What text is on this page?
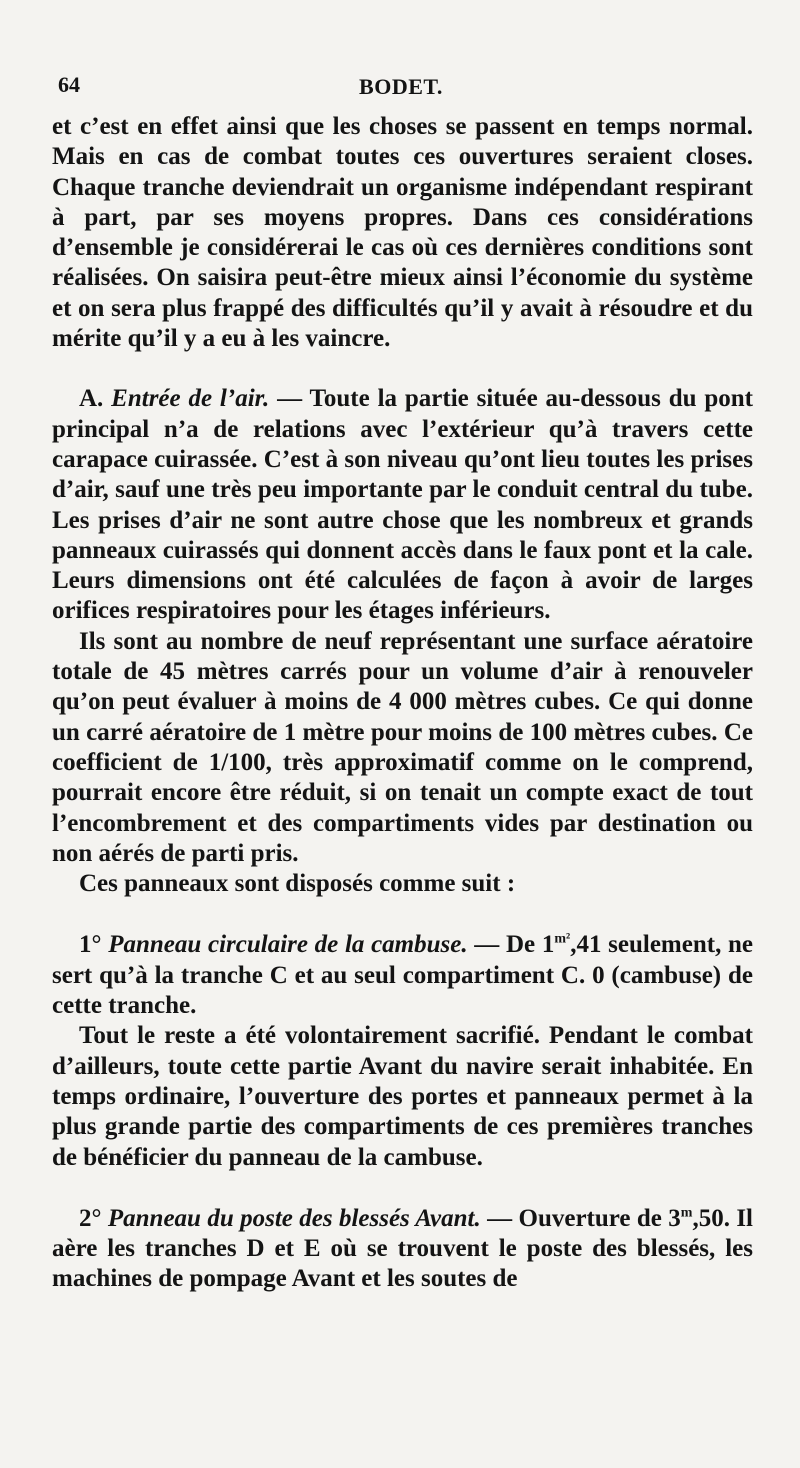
64	BODET.

et c’est en effet ainsi que les choses se passent en temps normal. Mais en cas de combat toutes ces ouvertures seraient closes. Chaque tranche deviendrait un organisme indépendant respirant à part, par ses moyens propres. Dans ces considérations d’ensemble je considérerai le cas où ces dernières conditions sont réalisées. On saisira peut-être mieux ainsi l’économie du système et on sera plus frappé des difficultés qu’il y avait à résoudre et du mérite qu’il y a eu à les vaincre.

A. Entrée de l’air. — Toute la partie située au-dessous du pont principal n’a de relations avec l’extérieur qu’à travers cette carapace cuirassée. C’est à son niveau qu’ont lieu toutes les prises d’air, sauf une très peu importante par le conduit central du tube. Les prises d’air ne sont autre chose que les nombreux et grands panneaux cuirassés qui donnent accès dans le faux pont et la cale. Leurs dimensions ont été calculées de façon à avoir de larges orifices respiratoires pour les étages inférieurs.

Ils sont au nombre de neuf représentant une surface aératoire totale de 45 mètres carrés pour un volume d’air à renouveler qu’on peut évaluer à moins de 4 000 mètres cubes. Ce qui donne un carré aératoire de 1 mètre pour moins de 100 mètres cubes. Ce coefficient de 1/100, très approximatif comme on le comprend, pourrait encore être réduit, si on tenait un compte exact de tout l’encombrement et des compartiments vides par destination ou non aérés de parti pris.

Ces panneaux sont disposés comme suit :

1° Panneau circulaire de la cambuse. — De $1^{m^2},41$ seulement, ne sert qu’à la tranche C et au seul compartiment C. 0 (cambuse) de cette tranche.

Tout le reste a été volontairement sacrifié. Pendant le combat d’ailleurs, toute cette partie Avant du navire serait inhabitée. En temps ordinaire, l’ouverture des portes et panneaux permet à la plus grande partie des compartiments de ces premières tranches de bénéficier du panneau de la cambuse.

2° Panneau du poste des blessés Avant. — Ouverture de 3$^m$,50. Il aère les tranches D et E où se trouvent le poste des blessés, les machines de pompage Avant et les soutes de
